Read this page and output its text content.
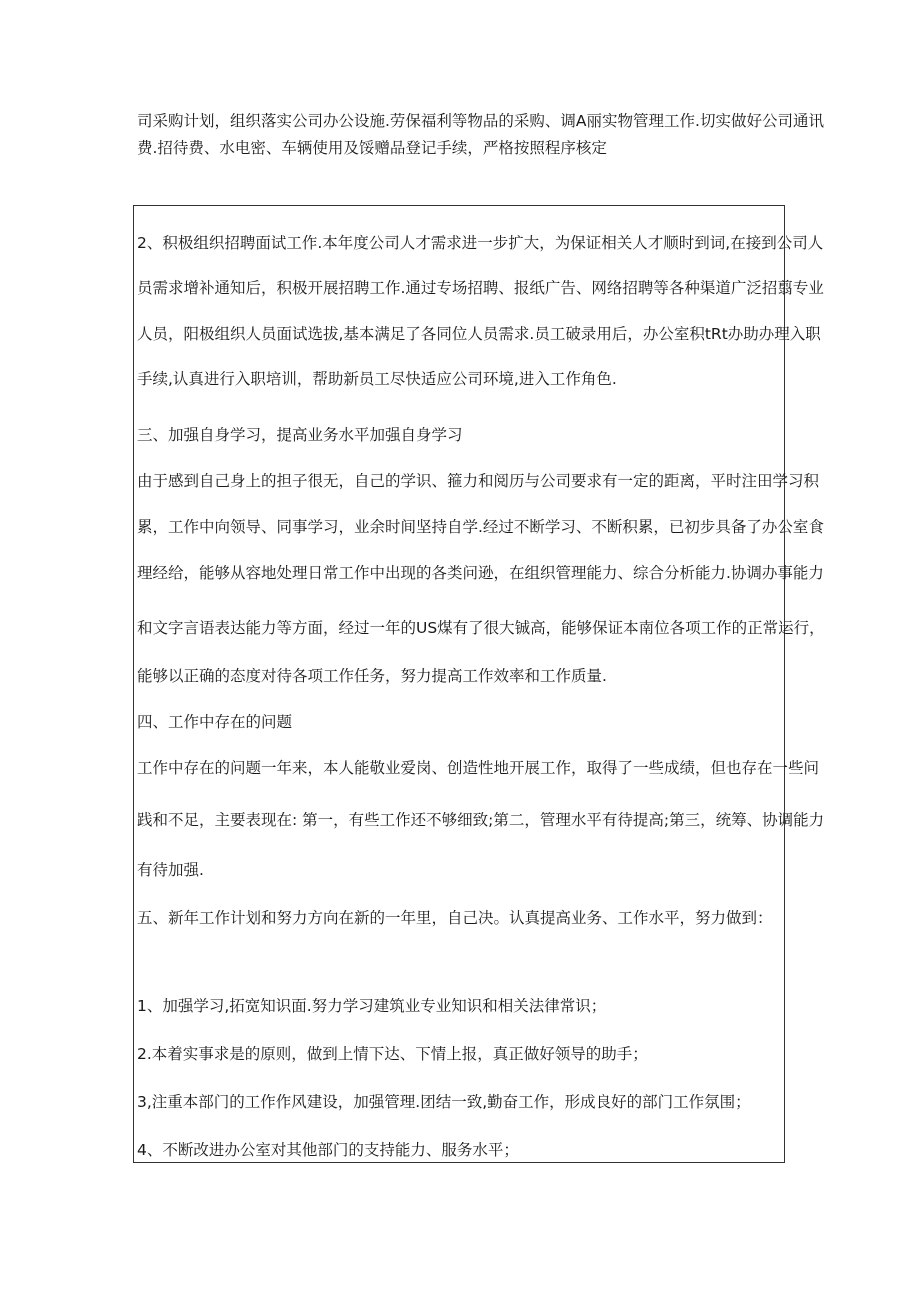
司采购计划，组织落实公司办公设施.劳保福利等物品的采购、调A丽实物管理工作.切实做好公司通讯
费.招待费、水电密、车辆使用及馁赠品登记手续，严格按照程序核定
2、积极组织招聘面试工作.本年度公司人才需求进一步扩大，为保证相关人才顺时到词,在接到公司人
员需求增补通知后，积极开展招聘工作.通过专场招聘、报纸广告、网络招聘等各种渠道广泛招翦专业
人员，阳极组织人员面试选拔,基本满足了各同位人员需求.员工破录用后，办公室积tRt办助办理入职
手续,认真进行入职培训，帮助新员工尽快适应公司环境,进入工作角色.
三、加强自身学习，提高业务水平加强自身学习
由于感到自己身上的担子很无，自己的学识、箍力和阅历与公司要求有一定的距离，平时注田学习积
累，工作中向领导、同事学习，业余时间坚持自学.经过不断学习、不断积累，已初步具备了办公室食
理经给，能够从容地处理日常工作中出现的各类问逊，在组织管理能力、综合分析能力.协调办事能力
和文字言语表达能力等方面，经过一年的US煤有了很大铖高，能够保证本南位各项工作的正常运行，
能够以正确的态度对待各项工作任务，努力提高工作效率和工作质量.
四、工作中存在的问题
工作中存在的问题一年来，本人能敬业爱岗、创造性地开展工作，取得了一些成绩，但也存在一些问
践和不足，主要表现在: 第一，有些工作还不够细致;第二，管理水平有待提高;第三，统筹、协调能力
有待加强.
五、新年工作计划和努力方向在新的一年里，自己决。认真提高业务、工作水平，努力做到：
1、加强学习,拓宽知识面.努力学习建筑业专业知识和相关法律常识；
2.本着实事求是的原则，做到上情下达、下情上报，真正做好领导的助手；
3,注重本部门的工作作风建设，加强管理.团结一致,勤奋工作，形成良好的部门工作氛围；
4、不断改进办公室对其他部门的支持能力、服务水平；
